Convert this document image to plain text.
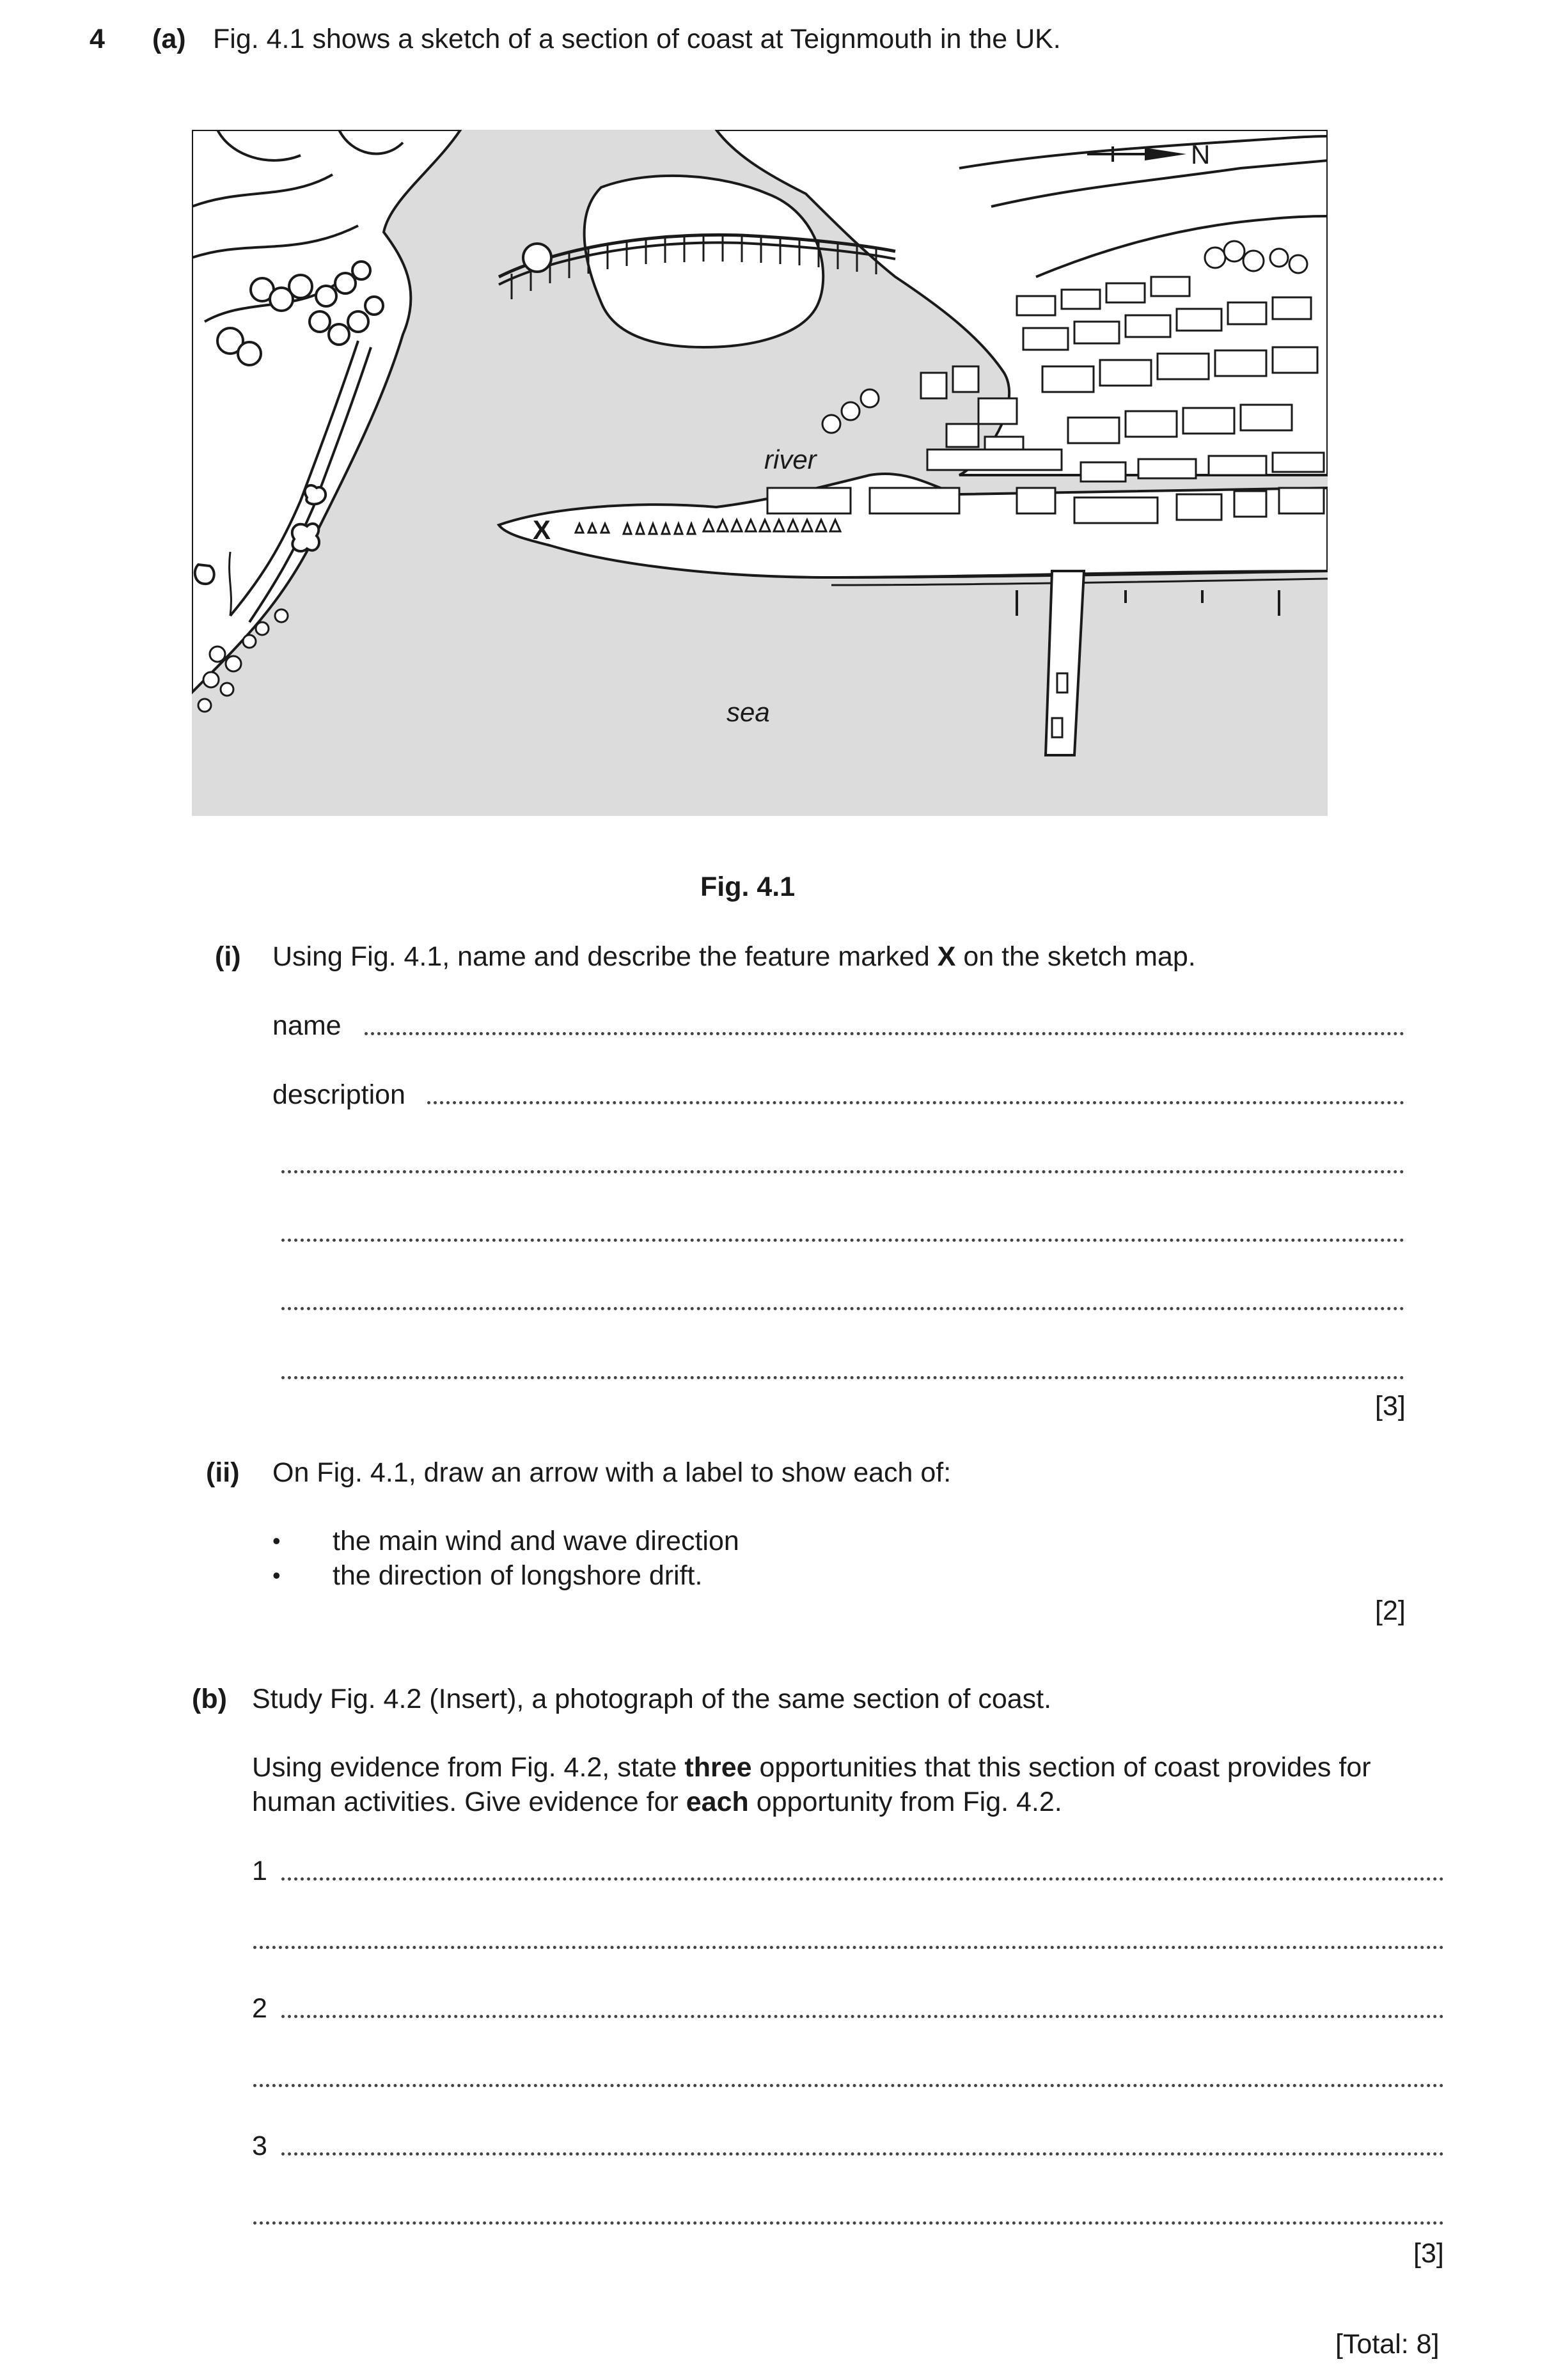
4 (a) Fig. 4.1 shows a sketch of a section of coast at Teignmouth in the UK.
N
river
sea
X
Fig. 4.1
(i) Using Fig. 4.1, name and describe the feature marked X on the sketch map.
name
description
[3]
(ii) On Fig. 4.1, draw an arrow with a label to show each of:
• the main wind and wave direction
• the direction of longshore drift.
[2]
(b) Study Fig. 4.2 (Insert), a photograph of the same section of coast.
Using evidence from Fig. 4.2, state three opportunities that this section of coast provides for
human activities. Give evidence for each opportunity from Fig. 4.2.
1
2
3
[3]
[Total: 8]
